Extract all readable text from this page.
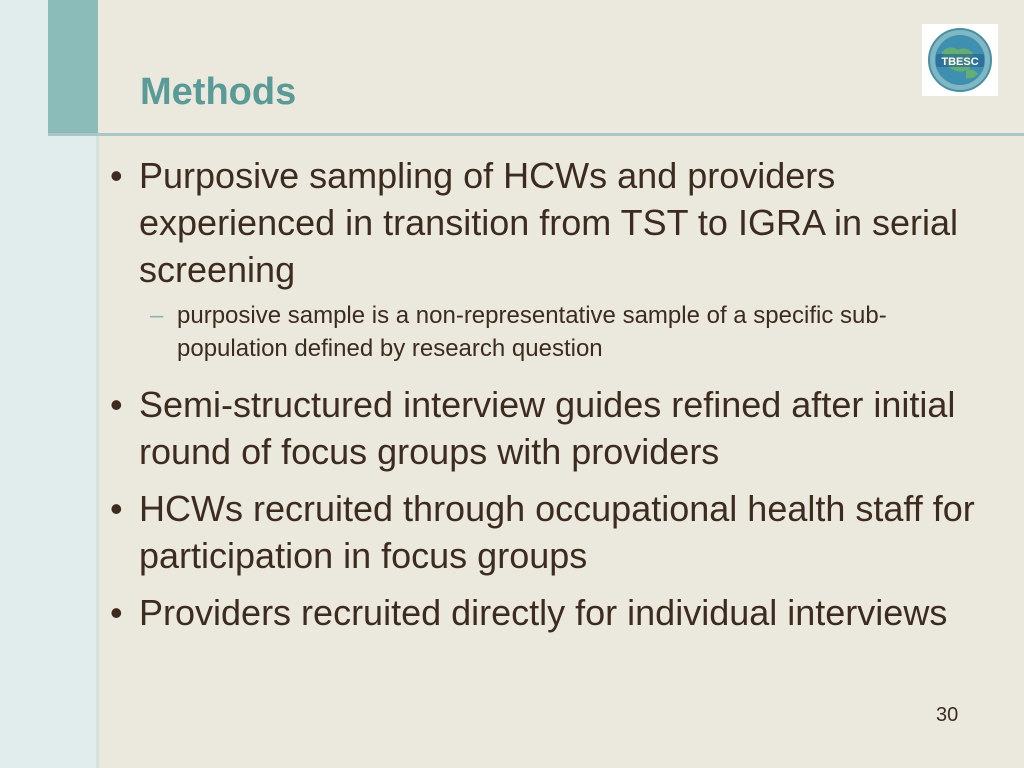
Methods
TBESC
• Purposive sampling of HCWs and providers experienced in transition from TST to IGRA in serial screening
– purposive sample is a non-representative sample of a specific sub-population defined by research question
• Semi-structured interview guides refined after initial round of focus groups with providers
• HCWs recruited through occupational health staff for participation in focus groups
• Providers recruited directly for individual interviews
30
